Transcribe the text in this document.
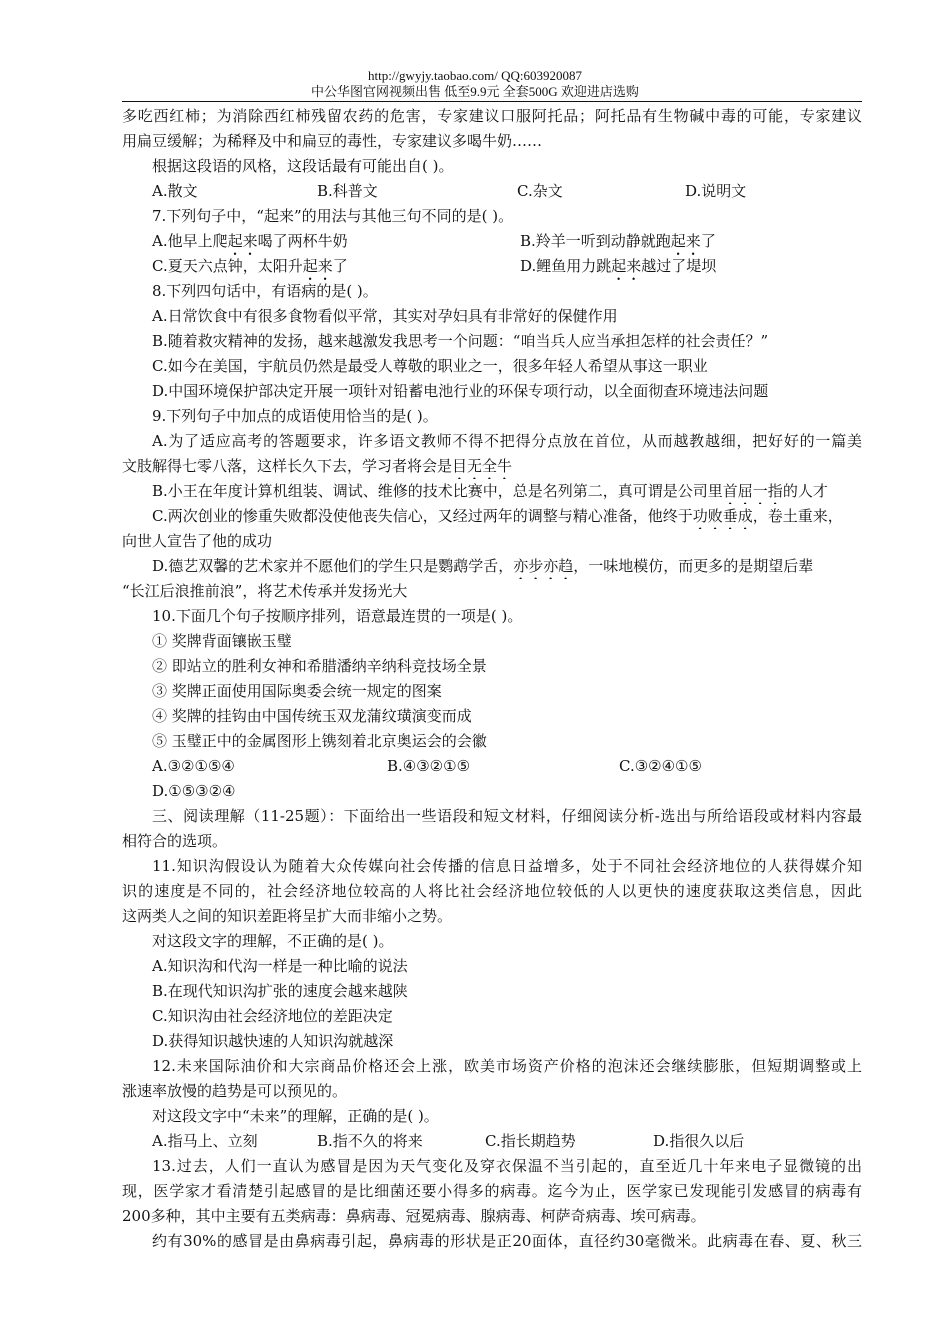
http://gwyjy.taobao.com/ QQ:603920087
中公华图官网视频出售 低至9.9元 全套500G 欢迎进店选购
多吃西红柿；为消除西红柿残留农药的危害，专家建议口服阿托品；阿托品有生物碱中毒的可能，专家建议
用扁豆缓解；为稀释及中和扁豆的毒性，专家建议多喝牛奶……
根据这段语的风格，这段话最有可能出自( )。
A.散文	B.科普文	C.杂文	D.说明文
7.下列句子中，“起来”的用法与其他三句不同的是( )。
A.他早上爬起来喝了两杯牛奶	B.羚羊一听到动静就跑起来了
C.夏天六点钟，太阳升起来了	D.鲤鱼用力跳起来越过了堤坝
8.下列四句话中，有语病的是( )。
A.日常饮食中有很多食物看似平常，其实对孕妇具有非常好的保健作用
B.随着救灾精神的发扬，越来越激发我思考一个问题：“咱当兵人应当承担怎样的社会责任？”
C.如今在美国，宇航员仍然是最受人尊敬的职业之一，很多年轻人希望从事这一职业
D.中国环境保护部决定开展一项针对铅蓄电池行业的环保专项行动，以全面彻查环境违法问题
9.下列句子中加点的成语使用恰当的是( )。
A.为了适应高考的答题要求，许多语文教师不得不把得分点放在首位，从而越教越细，把好好的一篇美
文肢解得七零八落，这样长久下去，学习者将会是目无全牛
B.小王在年度计算机组装、调试、维修的技术比赛中，总是名列第二，真可谓是公司里首屈一指的人才
C.两次创业的惨重失败都没使他丧失信心，又经过两年的调整与精心准备，他终于功败垂成，卷土重来，
向世人宣告了他的成功
D.德艺双馨的艺术家并不愿他们的学生只是鹦鹉学舌，亦步亦趋，一味地模仿，而更多的是期望后辈
“长江后浪推前浪”，将艺术传承并发扬光大
10.下面几个句子按顺序排列，语意最连贯的一项是( )。
① 奖牌背面镶嵌玉璧
② 即站立的胜利女神和希腊潘纳辛纳科竞技场全景
③ 奖牌正面使用国际奥委会统一规定的图案
④ 奖牌的挂钩由中国传统玉双龙蒲纹璜演变而成
⑤ 玉璧正中的金属图形上镌刻着北京奥运会的会徽
A.③②①⑤④	B.④③②①⑤	C.③②④①⑤
D.①⑤③②④
三、阅读理解（11-25题）：下面给出一些语段和短文材料，仔细阅读分析-选出与所给语段或材料内容最
相符合的选项。
11.知识沟假设认为随着大众传媒向社会传播的信息日益增多，处于不同社会经济地位的人获得媒介知
识的速度是不同的，社会经济地位较高的人将比社会经济地位较低的人以更快的速度获取这类信息，因此
这两类人之间的知识差距将呈扩大而非缩小之势。
对这段文字的理解，不正确的是( )。
A.知识沟和代沟一样是一种比喻的说法
B.在现代知识沟扩张的速度会越来越陕
C.知识沟由社会经济地位的差距决定
D.获得知识越快速的人知识沟就越深
12.未来国际油价和大宗商品价格还会上涨，欧美市场资产价格的泡沫还会继续膨胀，但短期调整或上
涨速率放慢的趋势是可以预见的。
对这段文字中“未来”的理解，正确的是( )。
A.指马上、立刻	B.指不久的将来	C.指长期趋势	D.指很久以后
13.过去，人们一直认为感冒是因为天气变化及穿衣保温不当引起的，直至近几十年来电子显微镜的出
现，医学家才看清楚引起感冒的是比细菌还要小得多的病毒。迄今为止，医学家已发现能引发感冒的病毒有
200多种，其中主要有五类病毒：鼻病毒、冠冕病毒、腺病毒、柯萨奇病毒、埃可病毒。
约有30%的感冒是由鼻病毒引起，鼻病毒的形状是正20面体，直径约30毫微米。此病毒在春、夏、秋三
